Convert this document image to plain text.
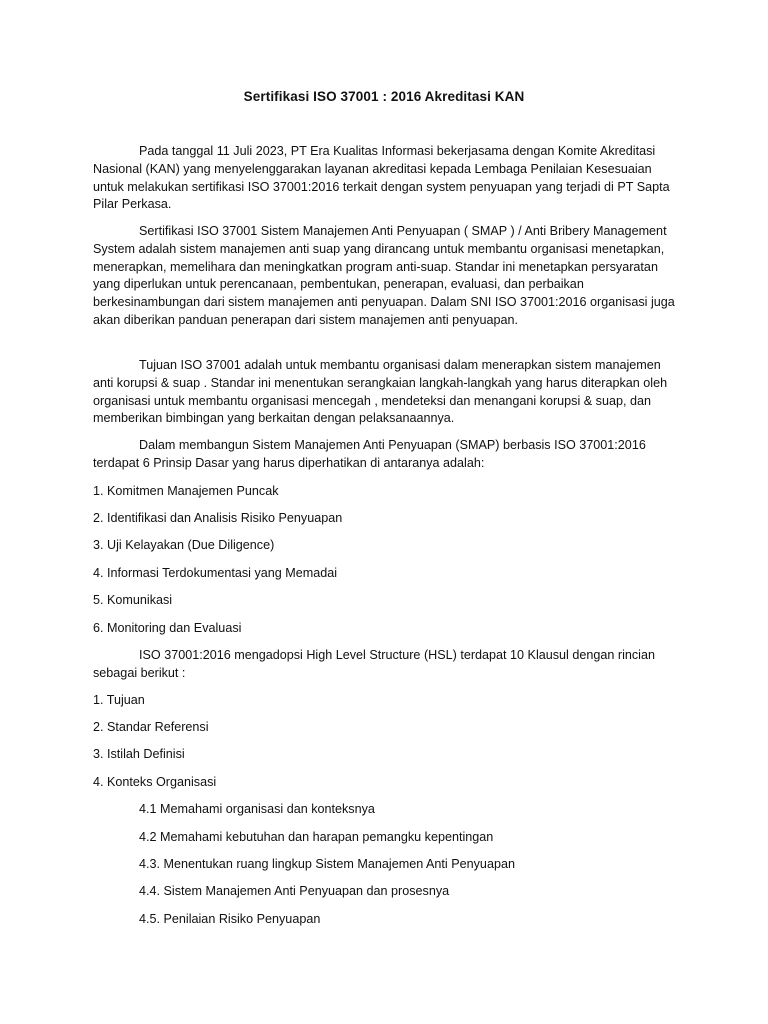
Sertifikasi ISO 37001 : 2016 Akreditasi KAN

Pada tanggal 11 Juli 2023, PT Era Kualitas Informasi bekerjasama dengan Komite Akreditasi Nasional (KAN) yang menyelenggarakan layanan akreditasi kepada Lembaga Penilaian Kesesuaian untuk melakukan sertifikasi ISO 37001:2016 terkait dengan system penyuapan yang terjadi di PT Sapta Pilar Perkasa.

Sertifikasi ISO 37001 Sistem Manajemen Anti Penyuapan ( SMAP ) / Anti Bribery Management System adalah sistem manajemen anti suap yang dirancang untuk membantu organisasi menetapkan, menerapkan, memelihara dan meningkatkan program anti-suap. Standar ini menetapkan persyaratan yang diperlukan untuk perencanaan, pembentukan, penerapan, evaluasi, dan perbaikan berkesinambungan dari sistem manajemen anti penyuapan. Dalam SNI ISO 37001:2016 organisasi juga akan diberikan panduan penerapan dari sistem manajemen anti penyuapan.

Tujuan ISO 37001 adalah untuk membantu organisasi dalam menerapkan sistem manajemen anti korupsi & suap . Standar ini menentukan serangkaian langkah-langkah yang harus diterapkan oleh organisasi untuk membantu organisasi mencegah , mendeteksi dan menangani korupsi & suap, dan memberikan bimbingan yang berkaitan dengan pelaksanaannya.

Dalam membangun Sistem Manajemen Anti Penyuapan (SMAP) berbasis ISO 37001:2016 terdapat 6 Prinsip Dasar yang harus diperhatikan di antaranya adalah:

1. Komitmen Manajemen Puncak
2. Identifikasi dan Analisis Risiko Penyuapan
3. Uji Kelayakan (Due Diligence)
4. Informasi Terdokumentasi yang Memadai
5. Komunikasi
6. Monitoring dan Evaluasi

ISO 37001:2016 mengadopsi High Level Structure (HSL) terdapat 10 Klausul dengan rincian sebagai berikut :

1. Tujuan
2. Standar Referensi
3. Istilah Definisi
4. Konteks Organisasi
4.1 Memahami organisasi dan konteksnya
4.2 Memahami kebutuhan dan harapan pemangku kepentingan
4.3. Menentukan ruang lingkup Sistem Manajemen Anti Penyuapan
4.4. Sistem Manajemen Anti Penyuapan dan prosesnya
4.5. Penilaian Risiko Penyuapan
